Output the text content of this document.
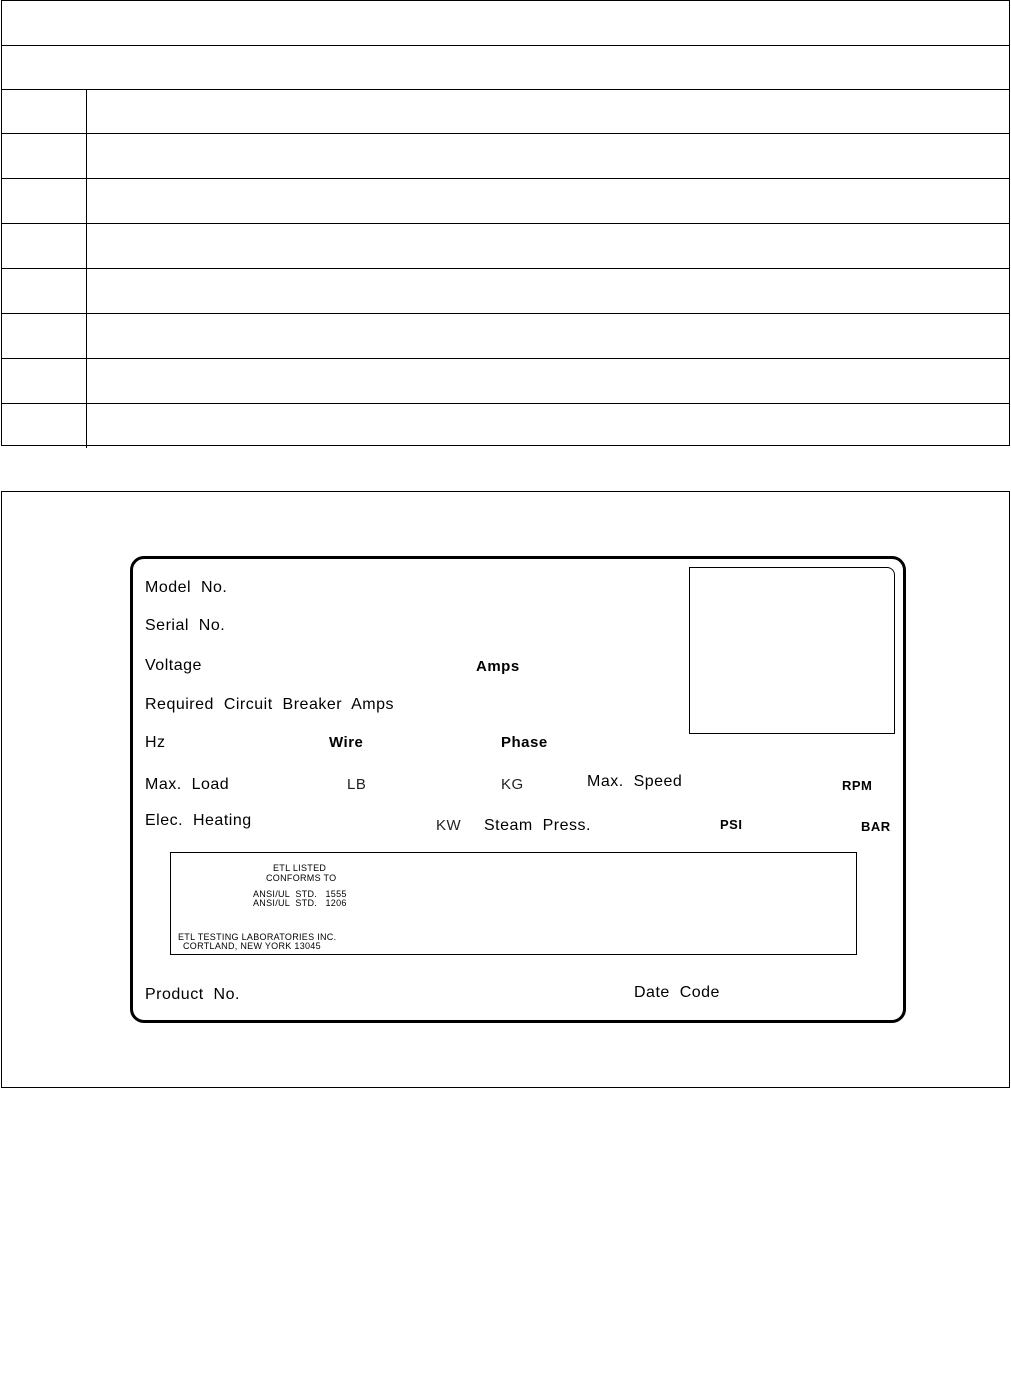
Model  No.
Serial  No.
Voltage	Amps
Required  Circuit  Breaker  Amps
Hz	Wire	Phase
Max.  Load	LB	KG	Max.  Speed	RPM
Elec.  Heating	KW Steam  Press.	PSI	BAR
ETL LISTED
CONFORMS TO
ANSI/UL  STD.   1555
ANSI/UL  STD.   1206
ETL TESTING LABORATORIES INC.
CORTLAND, NEW YORK 13045
Product  No.	Date  Code
